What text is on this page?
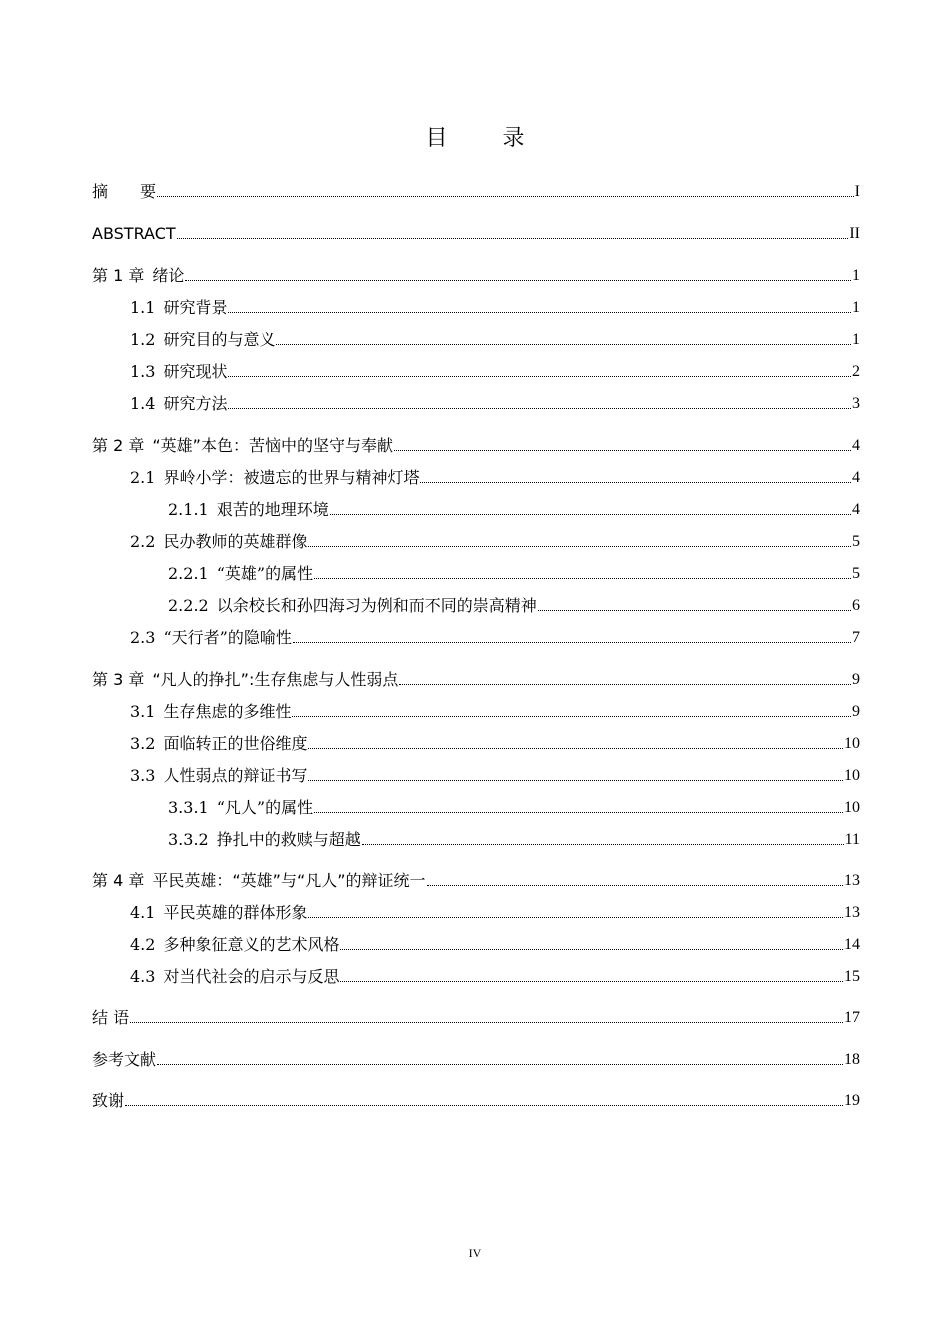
目 录
摘　　要	I
ABSTRACT	II
第 1 章 绪论	1
1.1 研究背景	1
1.2 研究目的与意义	1
1.3 研究现状	2
1.4 研究方法	3
第 2 章 “英雄”本色：苦恼中的坚守与奉献	4
2.1 界岭小学：被遗忘的世界与精神灯塔	4
2.1.1 艰苦的地理环境	4
2.2 民办教师的英雄群像	5
2.2.1 “英雄”的属性	5
2.2.2 以余校长和孙四海习为例和而不同的崇高精神	6
2.3 “天行者”的隐喻性	7
第 3 章 “凡人的挣扎”:生存焦虑与人性弱点	9
3.1 生存焦虑的多维性	9
3.2 面临转正的世俗维度	10
3.3 人性弱点的辩证书写	10
3.3.1 “凡人”的属性	10
3.3.2 挣扎中的救赎与超越	11
第 4 章 平民英雄：“英雄”与“凡人”的辩证统一	13
4.1 平民英雄的群体形象	13
4.2 多种象征意义的艺术风格	14
4.3 对当代社会的启示与反思	15
结 语	17
参考文献	18
致谢	19
IV
